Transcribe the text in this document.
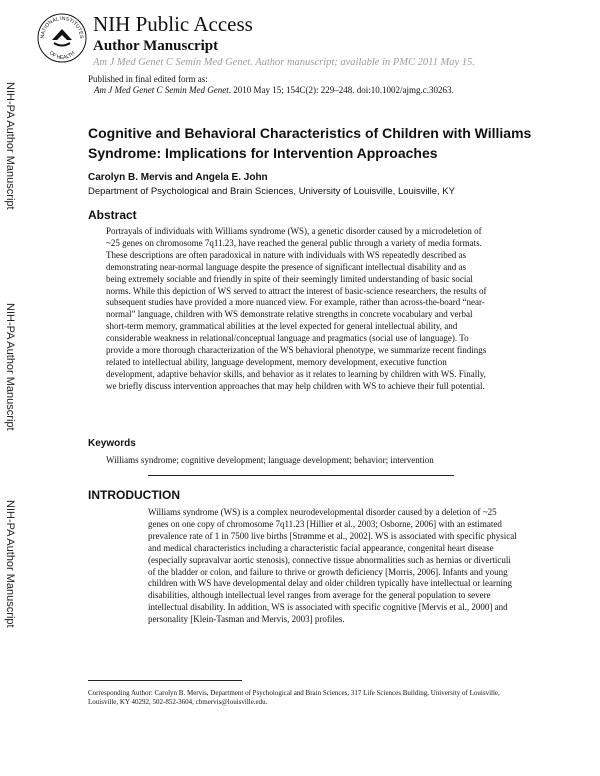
NATIONAL INSTITUTES
OF HEALTH
NIH Public Access
Author Manuscript
Am J Med Genet C Semin Med Genet. Author manuscript; available in PMC 2011 May 15.
Published in final edited form as:
Am J Med Genet C Semin Med Genet. 2010 May 15; 154C(2): 229–248. doi:10.1002/ajmg.c.30263.
NIH-PA Author Manuscript
NIH-PA Author Manuscript
NIH-PA Author Manuscript
Cognitive and Behavioral Characteristics of Children with Williams Syndrome: Implications for Intervention Approaches
Carolyn B. Mervis and Angela E. John
Department of Psychological and Brain Sciences, University of Louisville, Louisville, KY
Abstract
Portrayals of individuals with Williams syndrome (WS), a genetic disorder caused by a microdeletion of ~25 genes on chromosome 7q11.23, have reached the general public through a variety of media formats. These descriptions are often paradoxical in nature with individuals with WS repeatedly described as demonstrating near-normal language despite the presence of significant intellectual disability and as being extremely sociable and friendly in spite of their seemingly limited understanding of basic social norms. While this depiction of WS served to attract the interest of basic-science researchers, the results of subsequent studies have provided a more nuanced view. For example, rather than across-the-board “near-normal” language, children with WS demonstrate relative strengths in concrete vocabulary and verbal short-term memory, grammatical abilities at the level expected for general intellectual ability, and considerable weakness in relational/conceptual language and pragmatics (social use of language). To provide a more thorough characterization of the WS behavioral phenotype, we summarize recent findings related to intellectual ability, language development, memory development, executive function development, adaptive behavior skills, and behavior as it relates to learning by children with WS. Finally, we briefly discuss intervention approaches that may help children with WS to achieve their full potential.
Keywords
Williams syndrome; cognitive development; language development; behavior; intervention
INTRODUCTION
Williams syndrome (WS) is a complex neurodevelopmental disorder caused by a deletion of ~25 genes on one copy of chromosome 7q11.23 [Hillier et al., 2003; Osborne, 2006] with an estimated prevalence rate of 1 in 7500 live births [Strømme et al., 2002]. WS is associated with specific physical and medical characteristics including a characteristic facial appearance, congenital heart disease (especially supravalvar aortic stenosis), connective tissue abnormalities such as hernias or diverticuli of the bladder or colon, and failure to thrive or growth deficiency [Morris, 2006]. Infants and young children with WS have developmental delay and older children typically have intellectual or learning disabilities, although intellectual level ranges from average for the general population to severe intellectual disability. In addition, WS is associated with specific cognitive [Mervis et al., 2000] and personality [Klein-Tasman and Mervis, 2003] profiles.
Corresponding Author: Carolyn B. Mervis, Department of Psychological and Brain Sciences, 317 Life Sciences Building, University of Louisville, Louisville, KY 40292, 502-852-3604, cbmervis@louisville.edu.
